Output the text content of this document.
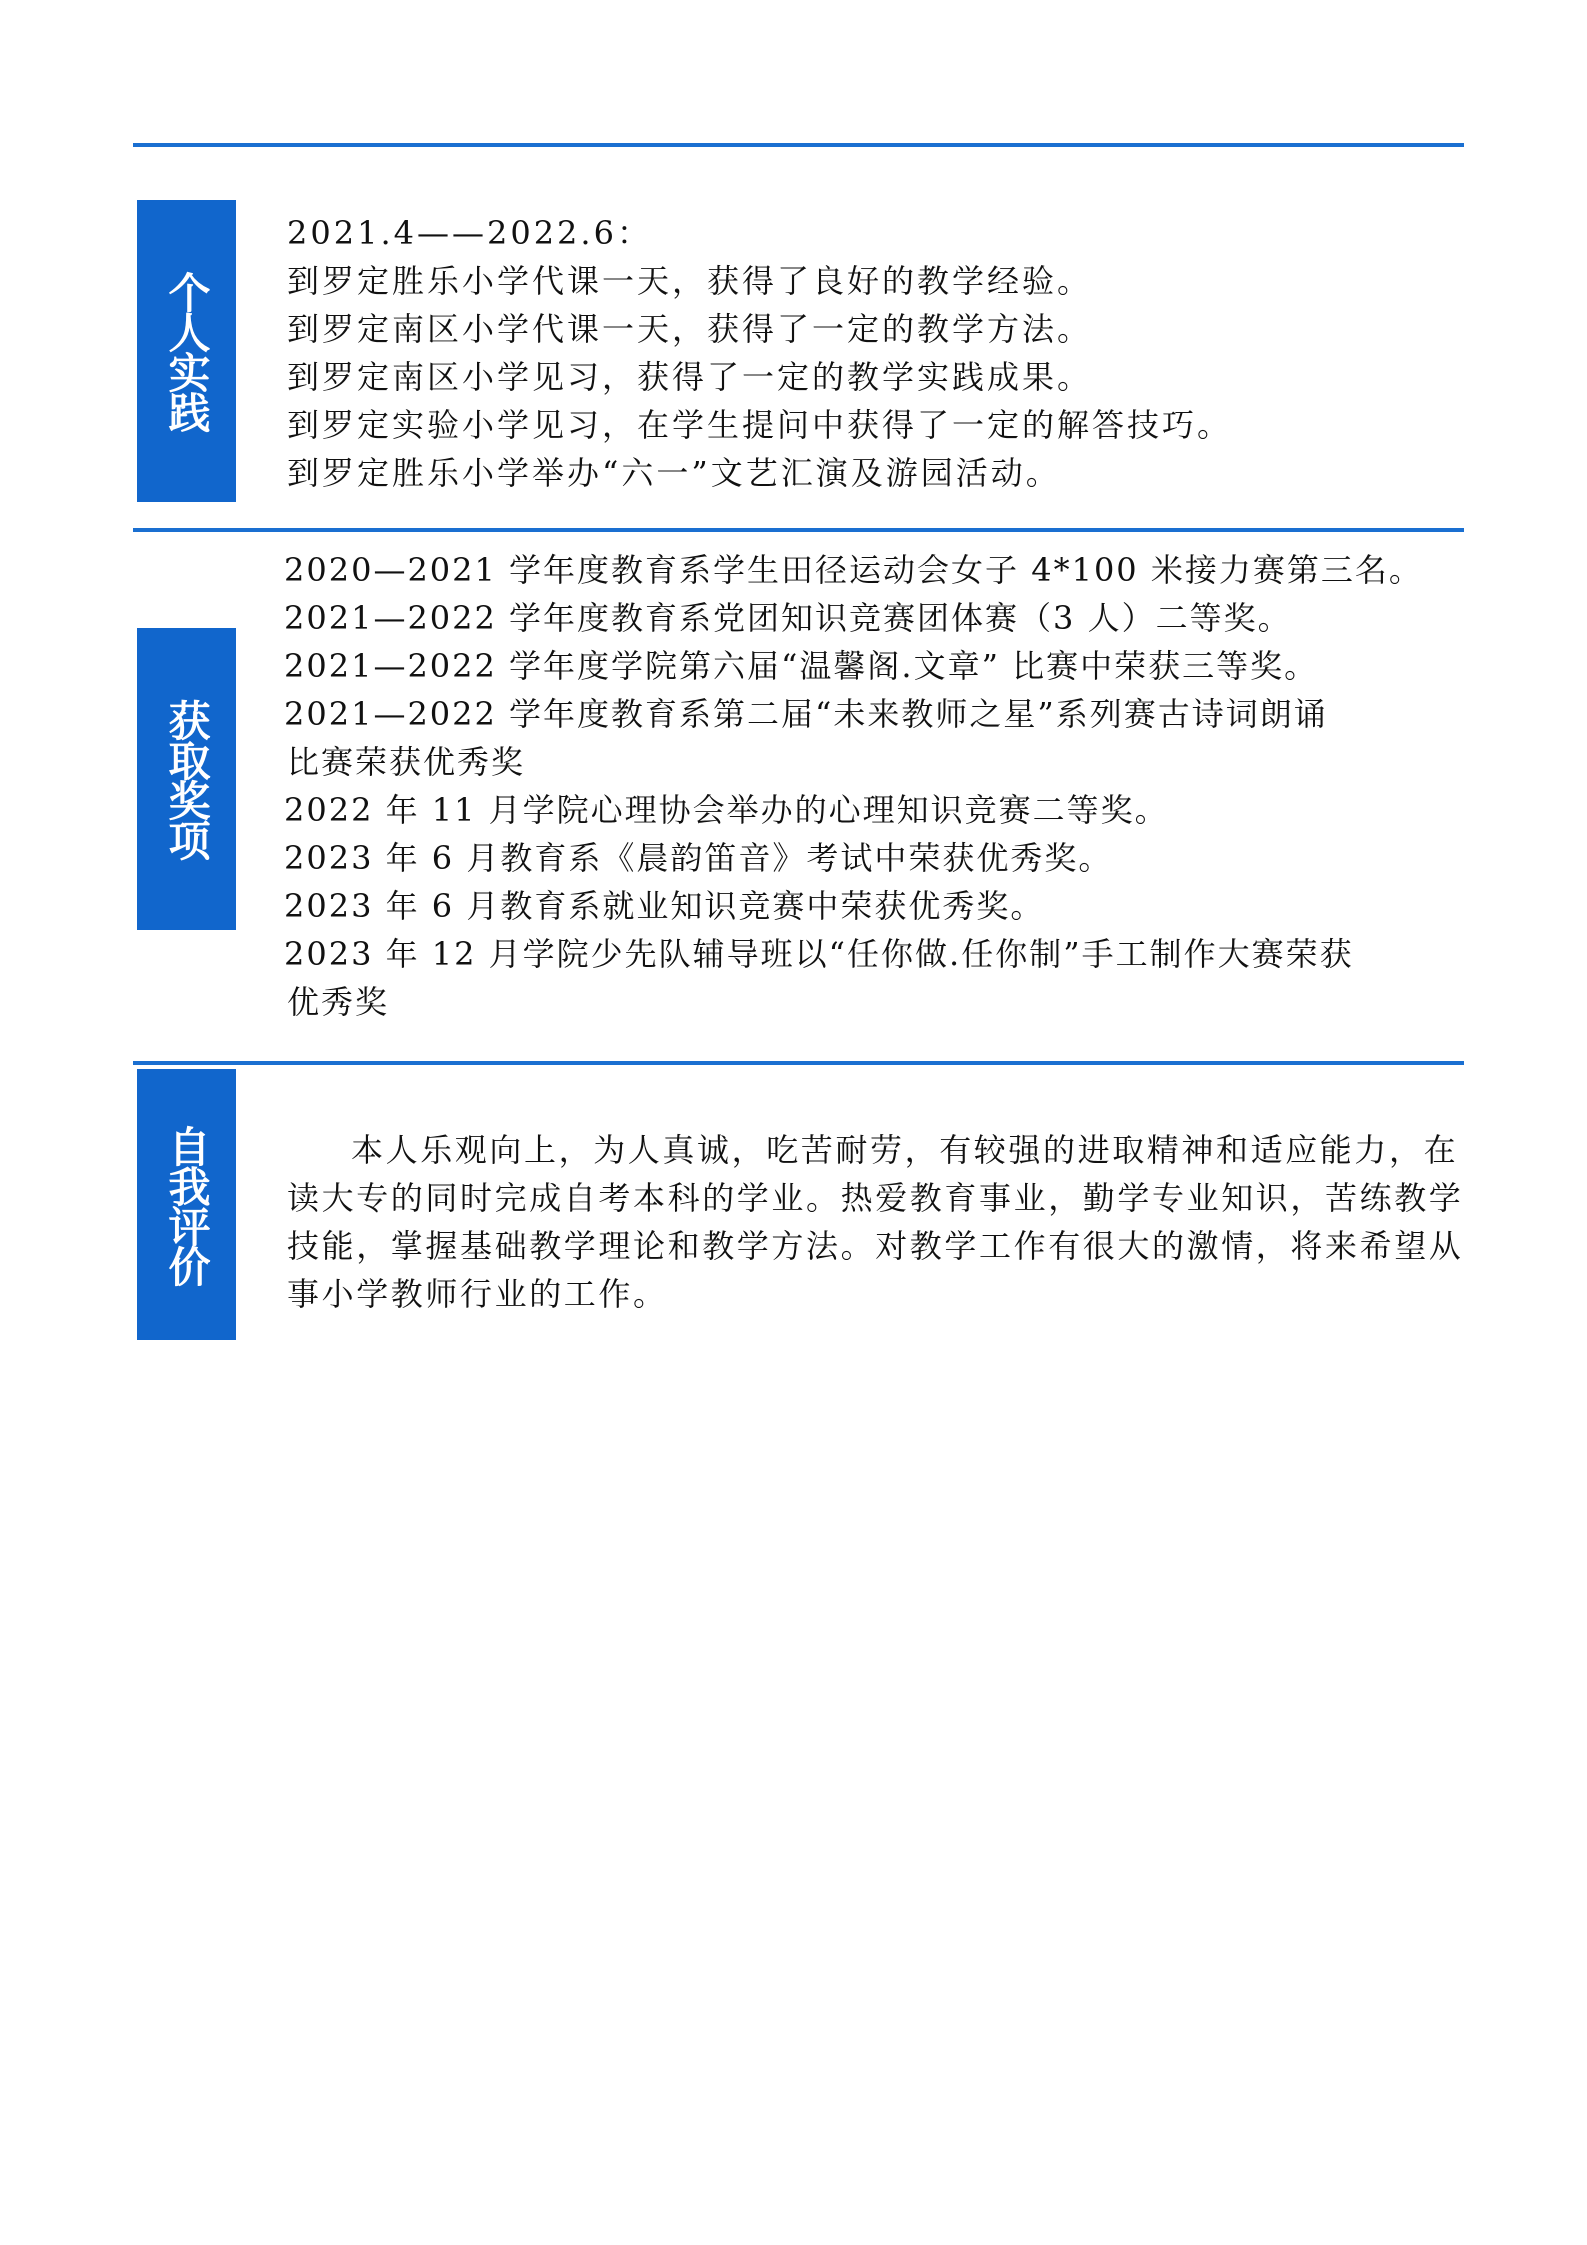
个人实践
2021.4——2022.6：
到罗定胜乐小学代课一天，获得了良好的教学经验。
到罗定南区小学代课一天，获得了一定的教学方法。
到罗定南区小学见习，获得了一定的教学实践成果。
到罗定实验小学见习，在学生提问中获得了一定的解答技巧。
到罗定胜乐小学举办“六一”文艺汇演及游园活动。
获取奖项
2020—2021 学年度教育系学生田径运动会女子 4*100 米接力赛第三名。
2021—2022 学年度教育系党团知识竞赛团体赛（3 人）二等奖。
2021—2022 学年度学院第六届“温馨阁.文章” 比赛中荣获三等奖。
2021—2022 学年度教育系第二届“未来教师之星”系列赛古诗词朗诵
比赛荣获优秀奖
2022 年 11 月学院心理协会举办的心理知识竞赛二等奖。
2023 年 6 月教育系《晨韵笛音》考试中荣获优秀奖。
2023 年 6 月教育系就业知识竞赛中荣获优秀奖。
2023 年 12 月学院少先队辅导班以“任你做.任你制”手工制作大赛荣获
优秀奖
自我评价	本人乐观向上，为人真诚，吃苦耐劳，有较强的进取精神和适应能力，在读大专的同时完成自考本科的学业。热爱教育事业，勤学专业知识，苦练教学技能，掌握基础教学理论和教学方法。对教学工作有很大的激情，将来希望从事小学教师行业的工作。
